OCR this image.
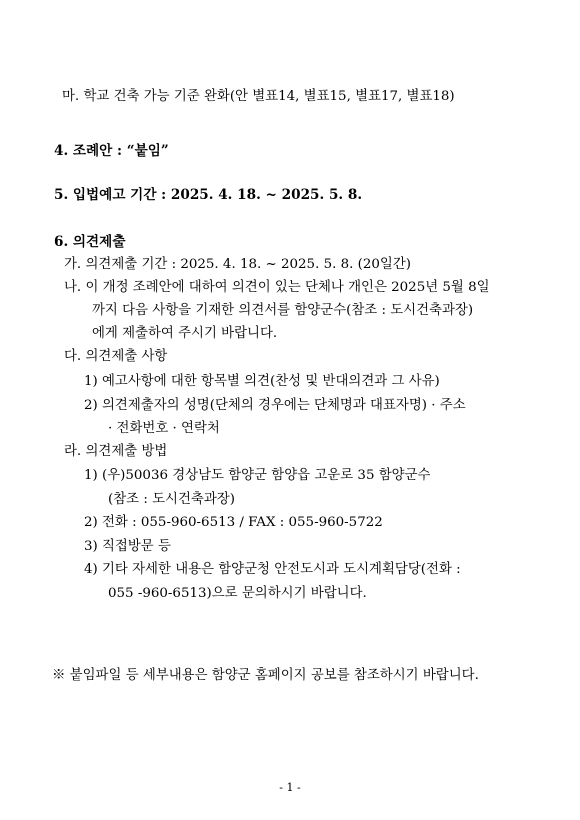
마. 학교 건축 가능 기준 완화(안 별표14, 별표15, 별표17, 별표18)
4. 조례안 : “붙임”
5. 입법예고 기간 : 2025. 4. 18. ~ 2025. 5. 8.
6. 의견제출
가. 의견제출 기간 : 2025. 4. 18. ~ 2025. 5. 8. (20일간)
나. 이 개정 조례안에 대하여 의견이 있는 단체나 개인은 2025년 5월 8일
까지 다음 사항을 기재한 의견서를 함양군수(참조 : 도시건축과장)
에게 제출하여 주시기 바랍니다.
다. 의견제출 사항
1) 예고사항에 대한 항목별 의견(찬성 및 반대의견과 그 사유)
2) 의견제출자의 성명(단체의 경우에는 단체명과 대표자명) · 주소
· 전화번호 · 연락처
라. 의견제출 방법
1) (우)50036 경상남도 함양군 함양읍 고운로 35 함양군수
(참조 : 도시건축과장)
2) 전화 : 055-960-6513 / FAX : 055-960-5722
3) 직접방문 등
4) 기타 자세한 내용은 함양군청 안전도시과 도시계획담당(전화 :
055 -960-6513)으로 문의하시기 바랍니다.
※ 붙임파일 등 세부내용은 함양군 홈페이지 공보를 참조하시기 바랍니다.
- 1 -
